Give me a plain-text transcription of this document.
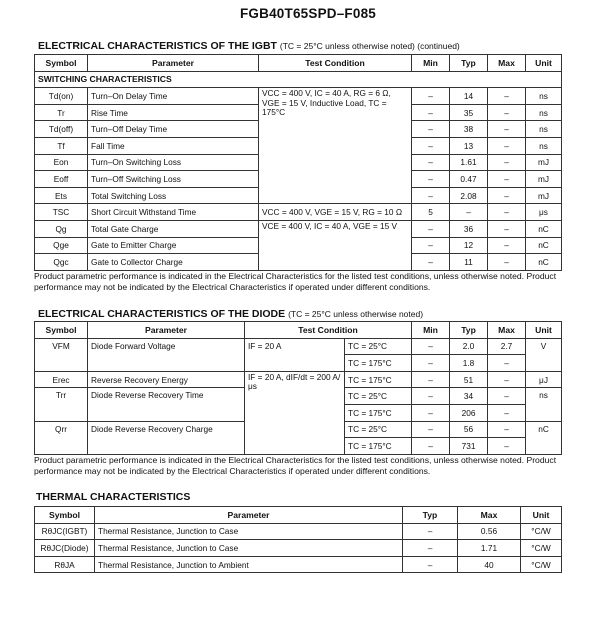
FGB40T65SPD–F085
ELECTRICAL CHARACTERISTICS OF THE IGBT (TC = 25°C unless otherwise noted) (continued)
Symbol	Parameter	Test Condition	Min	Typ	Max	Unit
SWITCHING CHARACTERISTICS						
Td(on)	Turn–On Delay Time	VCC = 400 V, IC = 40 A, RG = 6 Ω, VGE = 15 V, Inductive Load, TC = 175°C	–	14	–	ns
Tr	Rise Time		–	35	–	ns
Td(off)	Turn–Off Delay Time		–	38	–	ns
Tf	Fall Time		–	13	–	ns
Eon	Turn–On Switching Loss		–	1.61	–	mJ
Eoff	Turn–Off Switching Loss		–	0.47	–	mJ
Ets	Total Switching Loss		–	2.08	–	mJ
TSC	Short Circuit Withstand Time	VCC = 400 V, VGE = 15 V, RG = 10 Ω	5	–	–	μs
Qg	Total Gate Charge	VCE = 400 V, IC = 40 A, VGE = 15 V	–	36	–	nC
Qge	Gate to Emitter Charge		–	12	–	nC
Qgc	Gate to Collector Charge		–	11	–	nC
Product parametric performance is indicated in the Electrical Characteristics for the listed test conditions, unless otherwise noted. Product performance may not be indicated by the Electrical Characteristics if operated under different conditions.
ELECTRICAL CHARACTERISTICS OF THE DIODE (TC = 25°C unless otherwise noted)
Symbol	Parameter	Test Condition		Min	Typ	Max	Unit
VFM	Diode Forward Voltage	IF = 20 A	TC = 25°C	–	2.0	2.7	V
			TC = 175°C	–	1.8	–	
Erec	Reverse Recovery Energy	IF = 20 A, dIF/dt = 200 A/μs	TC = 175°C	–	51	–	μJ
Trr	Diode Reverse Recovery Time		TC = 25°C	–	34	–	ns
			TC = 175°C	–	206	–	
Qrr	Diode Reverse Recovery Charge		TC = 25°C	–	56	–	nC
			TC = 175°C	–	731	–	
Product parametric performance is indicated in the Electrical Characteristics for the listed test conditions, unless otherwise noted. Product performance may not be indicated by the Electrical Characteristics if operated under different conditions.
THERMAL CHARACTERISTICS
Symbol	Parameter	Typ	Max	Unit
RθJC(IGBT)	Thermal Resistance, Junction to Case	–	0.56	°C/W
RθJC(Diode)	Thermal Resistance, Junction to Case	–	1.71	°C/W
RθJA	Thermal Resistance, Junction to Ambient	–	40	°C/W
